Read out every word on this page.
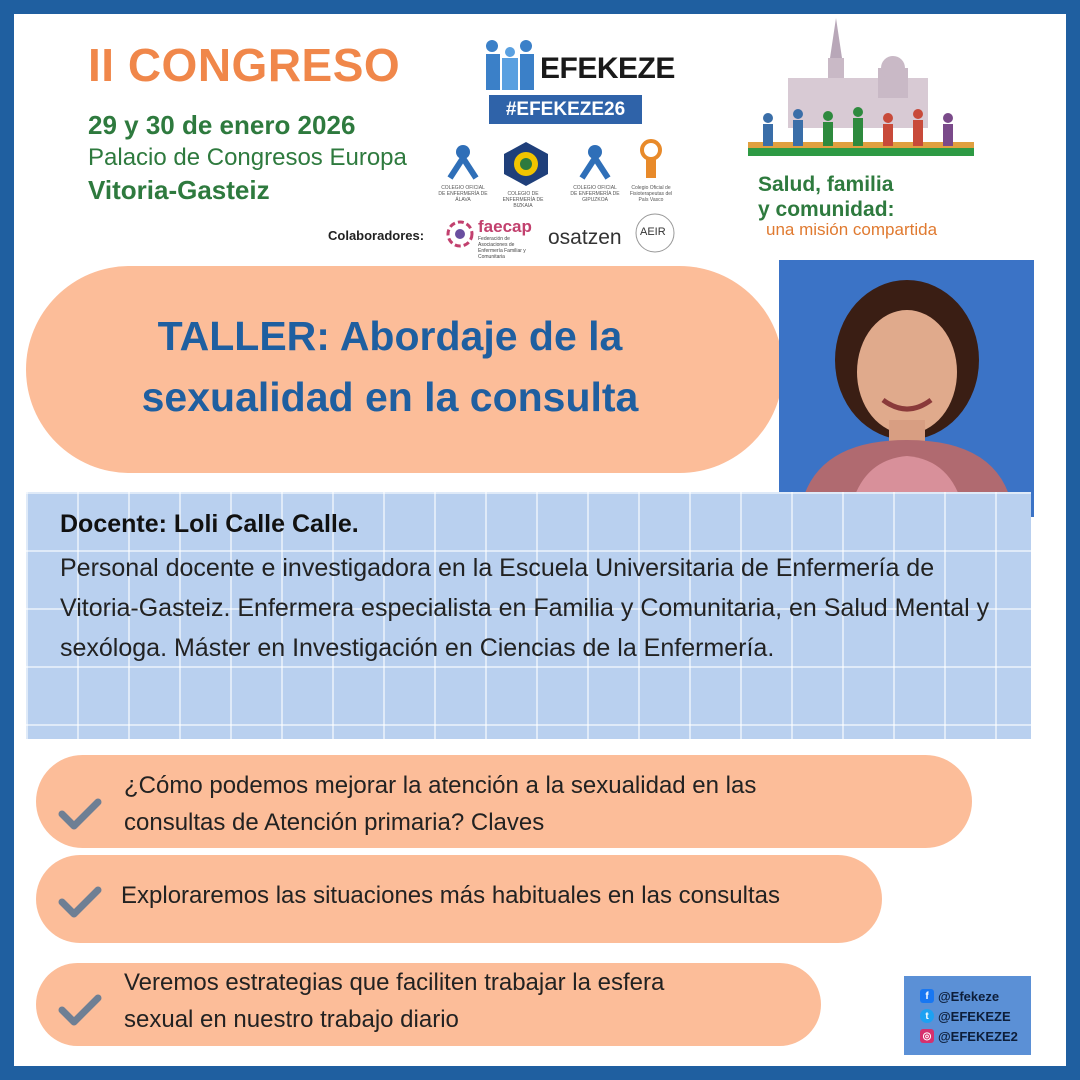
II CONGRESO
29 y 30 de enero 2026
Palacio de Congresos Europa
Vitoria-Gasteiz
EFEKEZE
#EFEKEZE26
COLEGIO OFICIAL DE ENFERMERÍA DE ÁLAVA
COLEGIO DE ENFERMERÍA DE BIZKAIA
COLEGIO OFICIAL DE ENFERMERÍA DE GIPUZKOA
Colegio Oficial de Fisioterapeutas del País Vasco
Colaboradores:	faecap
Federación de Asociaciones de Enfermería Familiar y Comunitaria
osatzen AEIR
Salud, familia
y comunidad:
una misión compartida
TALLER: Abordaje de la
sexualidad en la consulta
Docente: Loli Calle Calle.
Personal docente e investigadora en la Escuela Universitaria de Enfermería de Vitoria-Gasteiz. Enfermera especialista en Familia y Comunitaria, en Salud Mental y sexóloga. Máster en Investigación en Ciencias de la Enfermería.
¿Cómo podemos mejorar la atención a la sexualidad en las
consultas de Atención primaria? Claves
Exploraremos las situaciones más habituales en las consultas
Veremos estrategias que faciliten trabajar la esfera
sexual en nuestro trabajo diario
f @Efekeze
t @EFEKEZE
◎ @EFEKEZE2
